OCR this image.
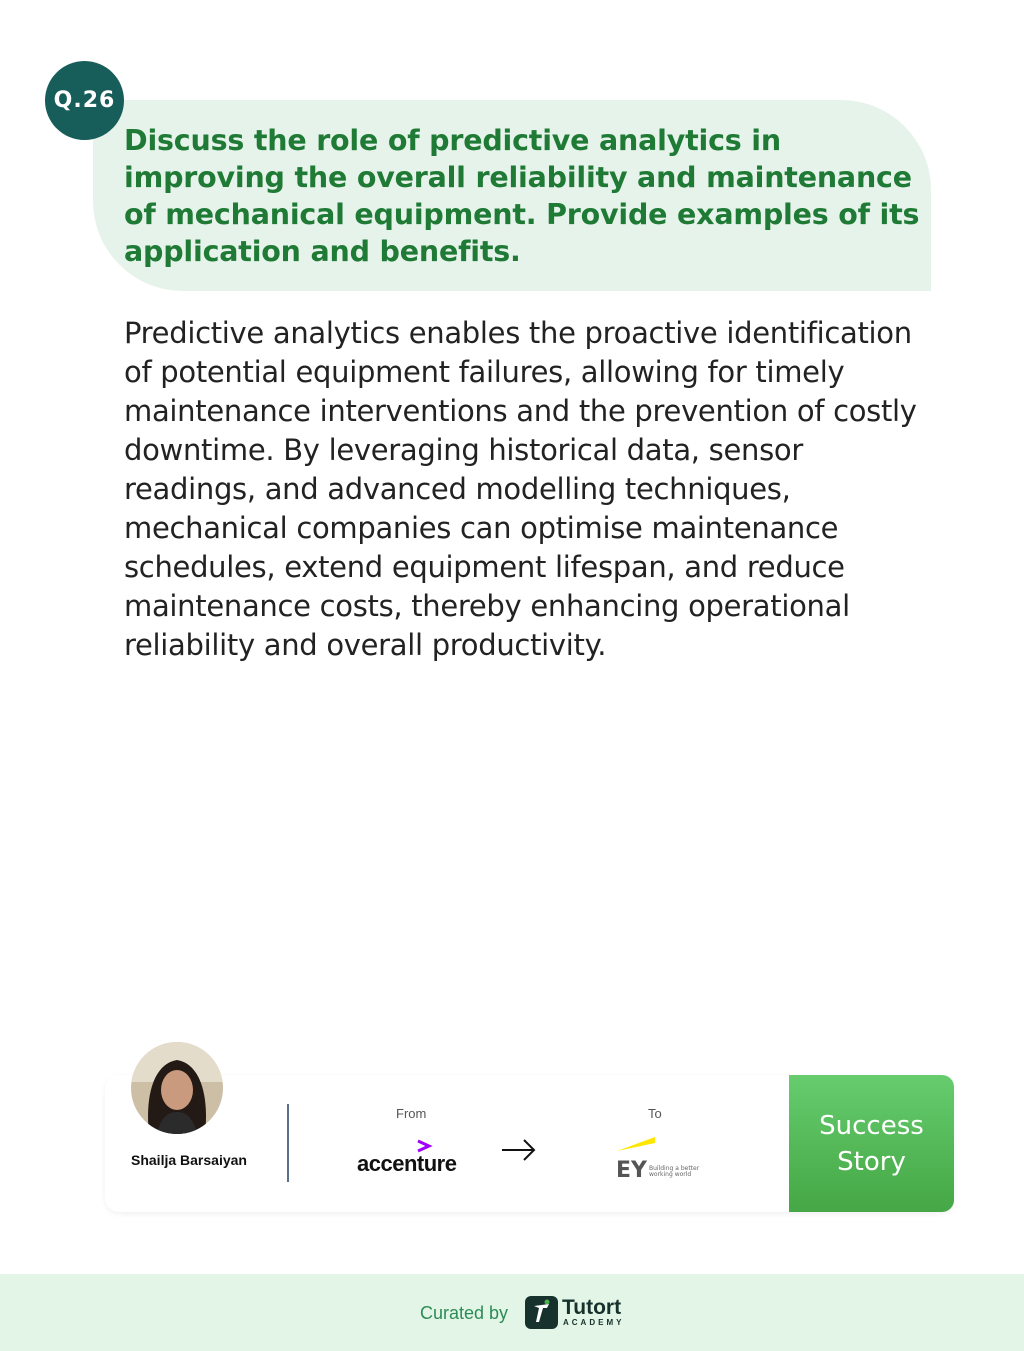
Q.26

Discuss the role of predictive analytics in improving the overall reliability and maintenance of mechanical equipment. Provide examples of its application and benefits.

Predictive analytics enables the proactive identification of potential equipment failures, allowing for timely maintenance interventions and the prevention of costly downtime. By leveraging historical data, sensor readings, and advanced modelling techniques, mechanical companies can optimise maintenance schedules, extend equipment lifespan, and reduce maintenance costs, thereby enhancing operational reliability and overall productivity.

Shailja Barsaiyan
From
accenture
To
EY Building a better
working world
Success Story
Curated by	Tutort
ACADEMY
